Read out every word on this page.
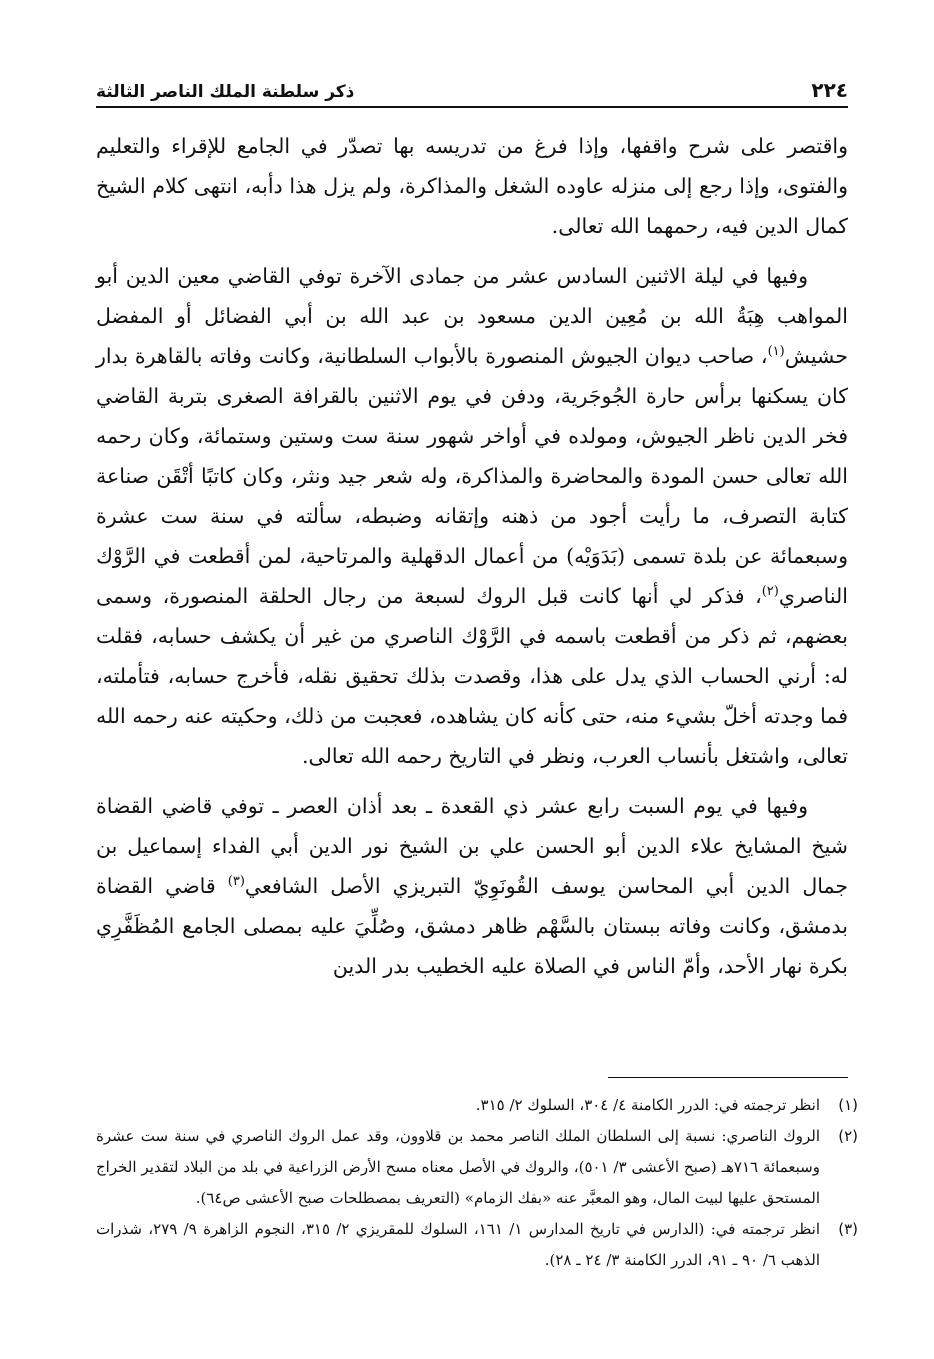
٢٢٤
ذكر سلطنة الملك الناصر الثالثة

واقتصر على شرح واقفها، وإذا فرغ من تدريسه بها تصدّر في الجامع للإقراء والتعليم والفتوى، وإذا رجع إلى منزله عاوده الشغل والمذاكرة، ولم يزل هذا دأبه، انتهى كلام الشيخ كمال الدين فيه، رحمهما الله تعالى.

وفيها في ليلة الاثنين السادس عشر من جمادى الآخرة توفي القاضي معين الدين أبو المواهب هِبَةُ الله بن مُعِين الدين مسعود بن عبد الله بن أبي الفضائل أو المفضل حشيش$^{(١)}$، صاحب ديوان الجيوش المنصورة بالأبواب السلطانية، وكانت وفاته بالقاهرة بدار كان يسكنها برأس حارة الجُوجَرية، ودفن في يوم الاثنين بالقرافة الصغرى بتربة القاضي فخر الدين ناظر الجيوش، ومولده في أواخر شهور سنة ست وستين وستمائة، وكان رحمه الله تعالى حسن المودة والمحاضرة والمذاكرة، وله شعر جيد ونثر، وكان كاتبًا أتْقَن صناعة كتابة التصرف، ما رأيت أجود من ذهنه وإتقانه وضبطه، سألته في سنة ست عشرة وسبعمائة عن بلدة تسمى (بَدَوَيْه) من أعمال الدقهلية والمرتاحية، لمن أقطعت في الرَّوْك الناصري$^{(٢)}$، فذكر لي أنها كانت قبل الروك لسبعة من رجال الحلقة المنصورة، وسمى بعضهم، ثم ذكر من أقطعت باسمه في الرَّوْك الناصري من غير أن يكشف حسابه، فقلت له: أرني الحساب الذي يدل على هذا، وقصدت بذلك تحقيق نقله، فأخرج حسابه، فتأملته، فما وجدته أخلّ بشيء منه، حتى كأنه كان يشاهده، فعجبت من ذلك، وحكيته عنه رحمه الله تعالى، واشتغل بأنساب العرب، ونظر في التاريخ رحمه الله تعالى.

وفيها في يوم السبت رابع عشر ذي القعدة ـ بعد أذان العصر ـ توفي قاضي القضاة شيخ المشايخ علاء الدين أبو الحسن علي بن الشيخ نور الدين أبي الفداء إسماعيل بن جمال الدين أبي المحاسن يوسف القُونَوِيّ التبريزي الأصل الشافعي$^{(٣)}$ قاضي القضاة بدمشق، وكانت وفاته ببستان بالسَّهْم ظاهر دمشق، وصُلِّيَ عليه بمصلى الجامع المُظَفَّرِي بكرة نهار الأحد، وأمّ الناس في الصلاة عليه الخطيب بدر الدين

(١)
انظر ترجمته في: الدرر الكامنة ٤/ ٣٠٤، السلوك ٢/ ٣١٥.
(٢)
الروك الناصري: نسبة إلى السلطان الملك الناصر محمد بن قلاوون، وقد عمل الروك الناصري في سنة ست عشرة وسبعمائة ٧١٦هـ (صبح الأعشى ٣/ ٥٠١)، والروك في الأصل معناه مسح الأرض الزراعية في بلد من البلاد لتقدير الخراج المستحق عليها لبيت المال، وهو المعبَّر عنه «بفك الزمام» (التعريف بمصطلحات صبح الأعشى ص٦٤).
(٣)
انظر ترجمته في: (الدارس في تاريخ المدارس ١/ ١٦١، السلوك للمقريزي ٢/ ٣١٥، النجوم الزاهرة ٩/ ٢٧٩، شذرات الذهب ٦/ ٩٠ ـ ٩١، الدرر الكامنة ٣/ ٢٤ ـ ٢٨).
